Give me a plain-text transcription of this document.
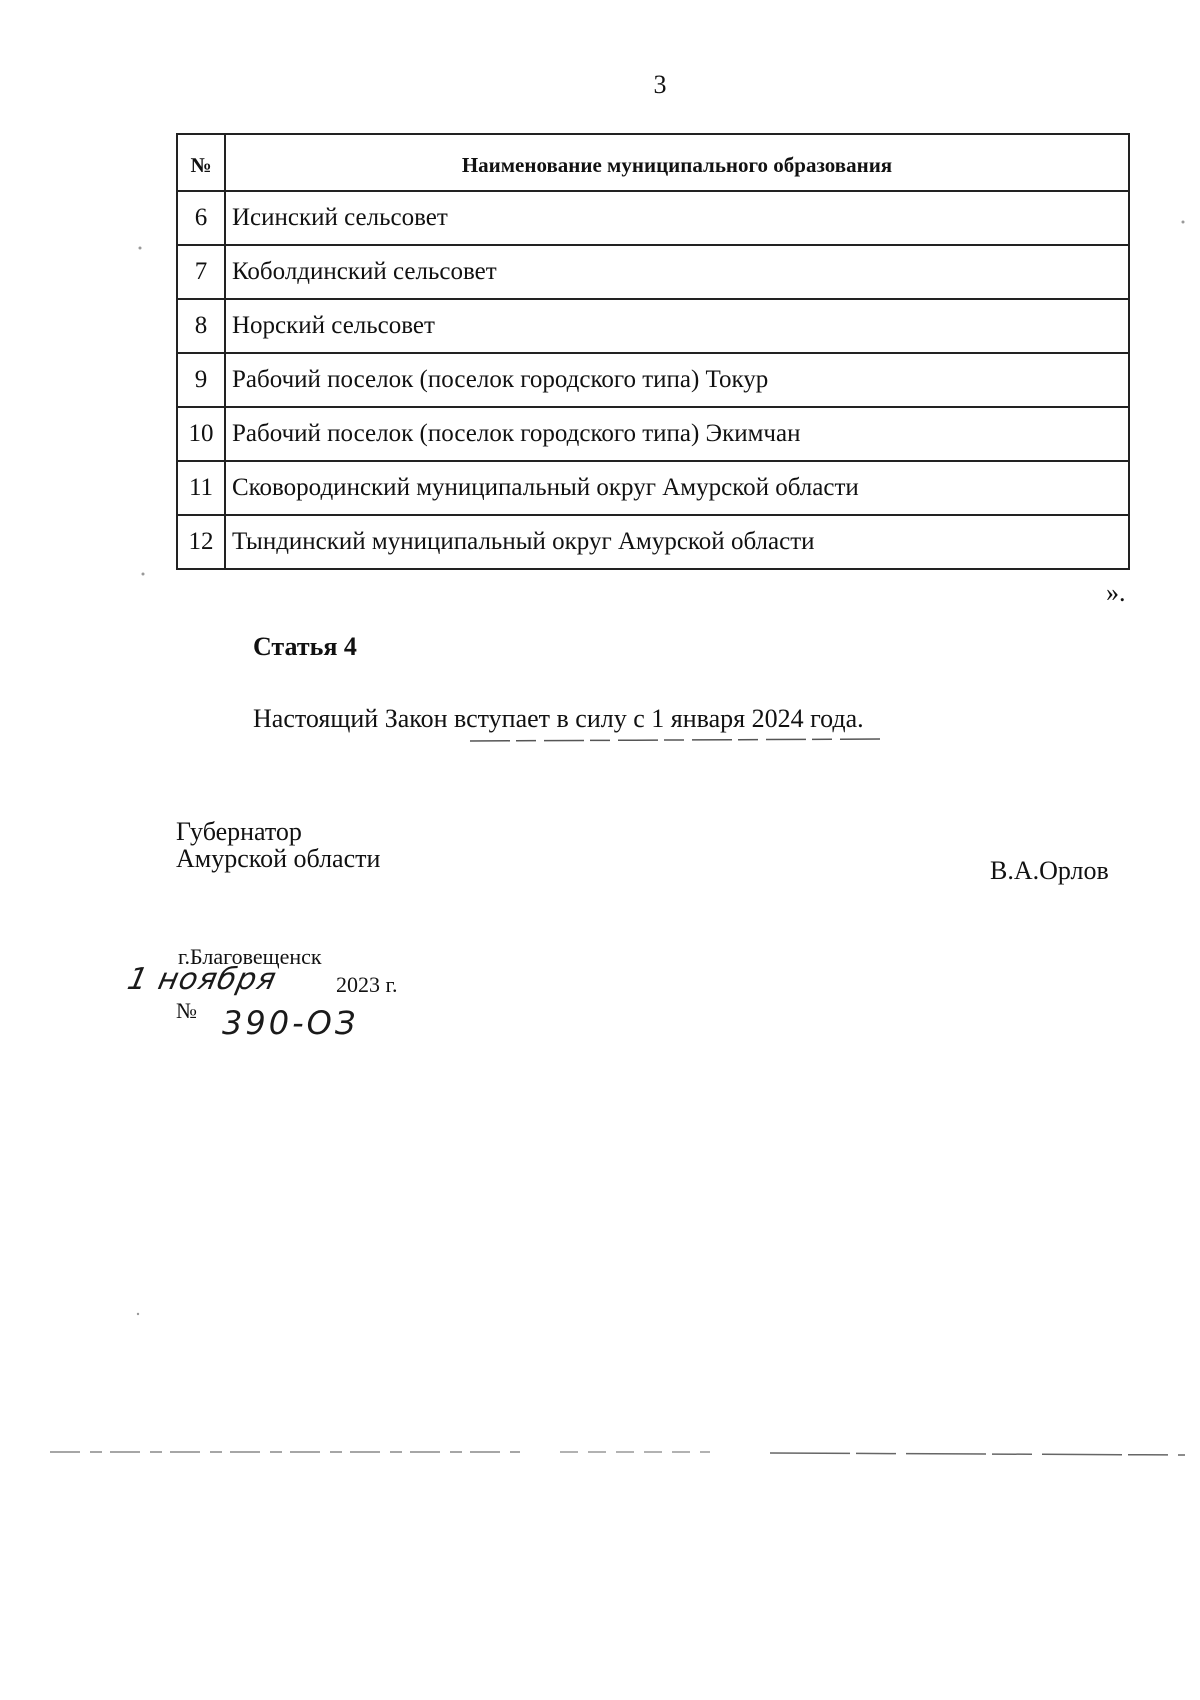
3
№	Наименование муниципального образования
6	Исинский сельсовет
7	Коболдинский сельсовет
8	Норский сельсовет
9	Рабочий поселок (поселок городского типа) Токур
10	Рабочий поселок (поселок городского типа) Экимчан
11	Сковородинский муниципальный округ Амурской области
12	Тындинский муниципальный округ Амурской области
».
Статья 4
Настоящий Закон вступает в силу с 1 января 2024 года.
Губернатор
Амурской области	В.А.Орлов
г.Благовещенск
1 ноября	2023 г.
№ 390-ОЗ
